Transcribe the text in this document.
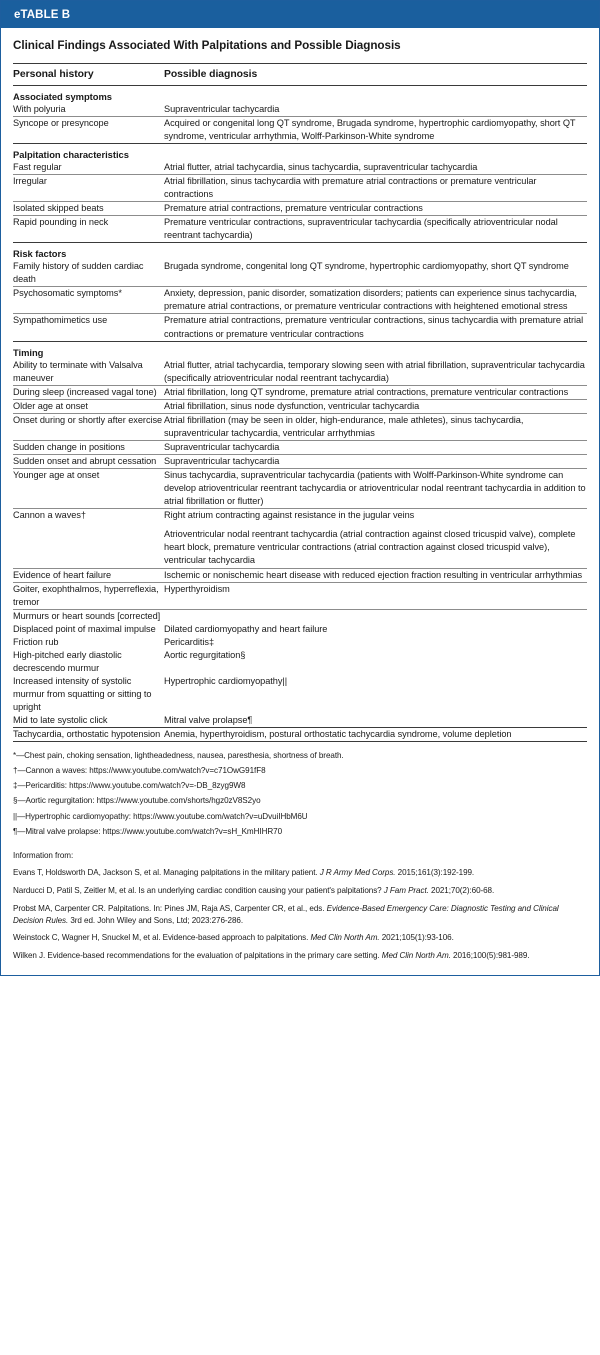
eTABLE B
Clinical Findings Associated With Palpitations and Possible Diagnosis
Personal history	Possible diagnosis
Associated symptoms	
With polyuria	Supraventricular tachycardia
Syncope or presyncope	Acquired or congenital long QT syndrome, Brugada syndrome, hypertrophic cardiomyopathy, short QT syndrome, ventricular arrhythmia, Wolff-Parkinson-White syndrome
Palpitation characteristics	
Fast regular	Atrial flutter, atrial tachycardia, sinus tachycardia, supraventricular tachycardia
Irregular	Atrial fibrillation, sinus tachycardia with premature atrial contractions or premature ventricular contractions
Isolated skipped beats	Premature atrial contractions, premature ventricular contractions
Rapid pounding in neck	Premature ventricular contractions, supraventricular tachycardia (specifically atrioventricular nodal reentrant tachycardia)
Risk factors	
Family history of sudden cardiac death	Brugada syndrome, congenital long QT syndrome, hypertrophic cardiomyopathy, short QT syndrome
Psychosomatic symptoms*	Anxiety, depression, panic disorder, somatization disorders; patients can experience sinus tachycardia, premature atrial contractions, or premature ventricular contractions with heightened emotional stress
Sympathomimetics use	Premature atrial contractions, premature ventricular contractions, sinus tachycardia with premature atrial contractions or premature ventricular contractions
Timing	
Ability to terminate with Valsalva maneuver	Atrial flutter, atrial tachycardia, temporary slowing seen with atrial fibrillation, supraventricular tachycardia (specifically atrioventricular nodal reentrant tachycardia)
During sleep (increased vagal tone)	Atrial fibrillation, long QT syndrome, premature atrial contractions, premature ventricular contractions
Older age at onset	Atrial fibrillation, sinus node dysfunction, ventricular tachycardia
Onset during or shortly after exercise	Atrial fibrillation (may be seen in older, high-endurance, male athletes), sinus tachycardia, supraventricular tachycardia, ventricular arrhythmias
Sudden change in positions	Supraventricular tachycardia
Sudden onset and abrupt cessation	Supraventricular tachycardia
Younger age at onset	Sinus tachycardia, supraventricular tachycardia (patients with Wolff-Parkinson-White syndrome can develop atrioventricular reentrant tachycardia or atrioventricular nodal reentrant tachycardia in addition to atrial fibrillation or flutter)
Cannon a waves†	Right atrium contracting against resistance in the jugular veins

Atrioventricular nodal reentrant tachycardia (atrial contraction against closed tricuspid valve), complete heart block, premature ventricular contractions (atrial contraction against closed tricuspid valve), ventricular tachycardia

Evidence of heart failure	Ischemic or nonischemic heart disease with reduced ejection fraction resulting in ventricular arrhythmias
Goiter, exophthalmos, hyperreflexia, tremor	Hyperthyroidism
Murmurs or heart sounds [corrected]	
Displaced point of maximal impulse	Dilated cardiomyopathy and heart failure
Friction rub	Pericarditis‡
High-pitched early diastolic decrescendo murmur	Aortic regurgitation§
Increased intensity of systolic murmur from squatting or sitting to upright	Hypertrophic cardiomyopathy||
Mid to late systolic click	Mitral valve prolapse¶
Tachycardia, orthostatic hypotension	Anemia, hyperthyroidism, postural orthostatic tachycardia syndrome, volume depletion
*—Chest pain, choking sensation, lightheadedness, nausea, paresthesia, shortness of breath.
†—Cannon a waves: https://www.youtube.com/watch?v=c71OwG91fF8
‡—Pericarditis: https://www.youtube.com/watch?v=-DB_8zyg9W8
§—Aortic regurgitation: https://www.youtube.com/shorts/hgz0zV8S2yo
||—Hypertrophic cardiomyopathy: https://www.youtube.com/watch?v=uDvuiIHbM6U
¶—Mitral valve prolapse: https://www.youtube.com/watch?v=sH_KmHIHR70
Information from:
Evans T, Holdsworth DA, Jackson S, et al. Managing palpitations in the military patient. J R Army Med Corps. 2015;161(3):192-199.
Narducci D, Patil S, Zeitler M, et al. Is an underlying cardiac condition causing your patient's palpitations? J Fam Pract. 2021;70(2):60-68.
Probst MA, Carpenter CR. Palpitations. In: Pines JM, Raja AS, Carpenter CR, et al., eds. Evidence-Based Emergency Care: Diagnostic Testing and Clinical Decision Rules. 3rd ed. John Wiley and Sons, Ltd; 2023:276-286.
Weinstock C, Wagner H, Snuckel M, et al. Evidence-based approach to palpitations. Med Clin North Am. 2021;105(1):93-106.
Wilken J. Evidence-based recommendations for the evaluation of palpitations in the primary care setting. Med Clin North Am. 2016;100(5):981-989.
